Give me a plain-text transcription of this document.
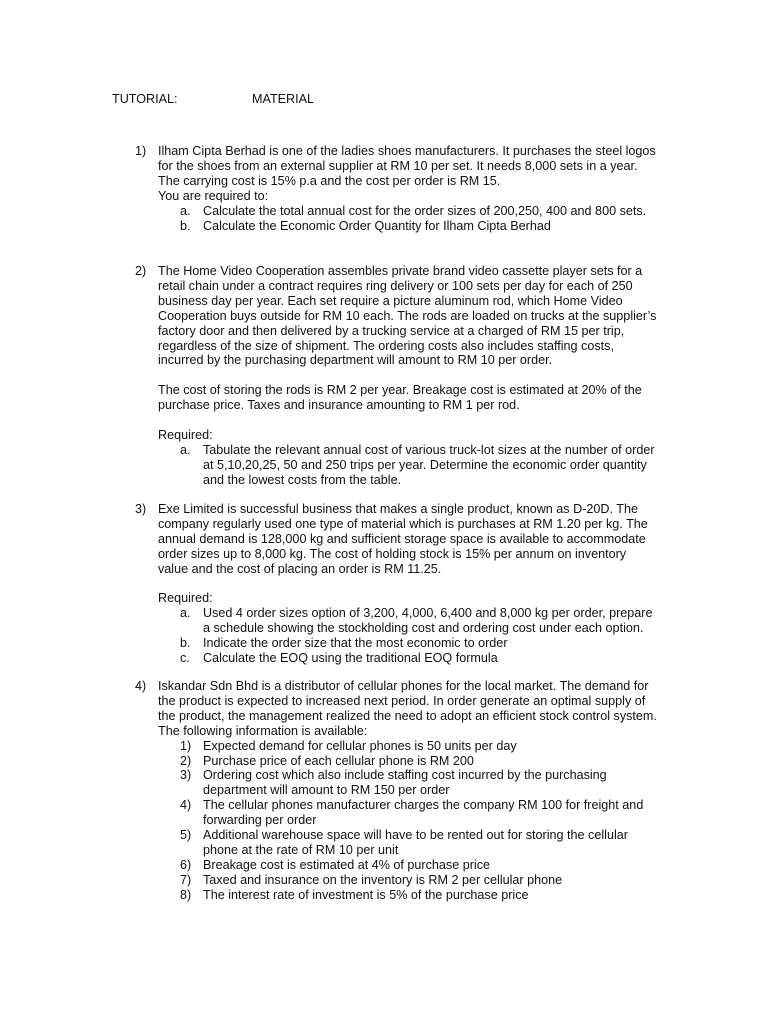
TUTORIAL:	MATERIAL
1) Ilham Cipta Berhad is one of the ladies shoes manufacturers. It purchases the steel logos for the shoes from an external supplier at RM 10 per set. It needs 8,000 sets in a year. The carrying cost is 15% p.a and the cost per order is RM 15.

You are required to:

a. Calculate the total annual cost for the order sizes of 200,250, 400 and 800 sets.
b. Calculate the Economic Order Quantity for Ilham Cipta Berhad
2) The Home Video Cooperation assembles private brand video cassette player sets for a retail chain under a contract requires ring delivery or 100 sets per day for each of 250 business day per year. Each set require a picture aluminum rod, which Home Video Cooperation buys outside for RM 10 each. The rods are loaded on trucks at the supplier’s factory door and then delivered by a trucking service at a charged of RM 15 per trip, regardless of the size of shipment. The ordering costs also includes staffing costs, incurred by the purchasing department will amount to RM 10 per order.

The cost of storing the rods is RM 2 per year. Breakage cost is estimated at 20% of the purchase price. Taxes and insurance amounting to RM 1 per rod.

Required:

a. Tabulate the relevant annual cost of various truck-lot sizes at the number of order at 5,10,20,25, 50 and 250 trips per year. Determine the economic order quantity and the lowest costs from the table.
3) Exe Limited is successful business that makes a single product, known as D-20D. The company regularly used one type of material which is purchases at RM 1.20 per kg. The annual demand is 128,000 kg and sufficient storage space is available to accommodate order sizes up to 8,000 kg. The cost of holding stock is 15% per annum on inventory value and the cost of placing an order is RM 11.25.

Required:

a. Used 4 order sizes option of 3,200, 4,000, 6,400 and 8,000 kg per order, prepare a schedule showing the stockholding cost and ordering cost under each option.
b. Indicate the order size that the most economic to order
c. Calculate the EOQ using the traditional EOQ formula
4) Iskandar Sdn Bhd is a distributor of cellular phones for the local market. The demand for the product is expected to increased next period. In order generate an optimal supply of the product, the management realized the need to adopt an efficient stock control system.

The following information is available:

1) Expected demand for cellular phones is 50 units per day
2) Purchase price of each cellular phone is RM 200
3) Ordering cost which also include staffing cost incurred by the purchasing department will amount to RM 150 per order
4) The cellular phones manufacturer charges the company RM 100 for freight and forwarding per order
5) Additional warehouse space will have to be rented out for storing the cellular phone at the rate of RM 10 per unit
6) Breakage cost is estimated at 4% of purchase price
7) Taxed and insurance on the inventory is RM 2 per cellular phone
8) The interest rate of investment is 5% of the purchase price
